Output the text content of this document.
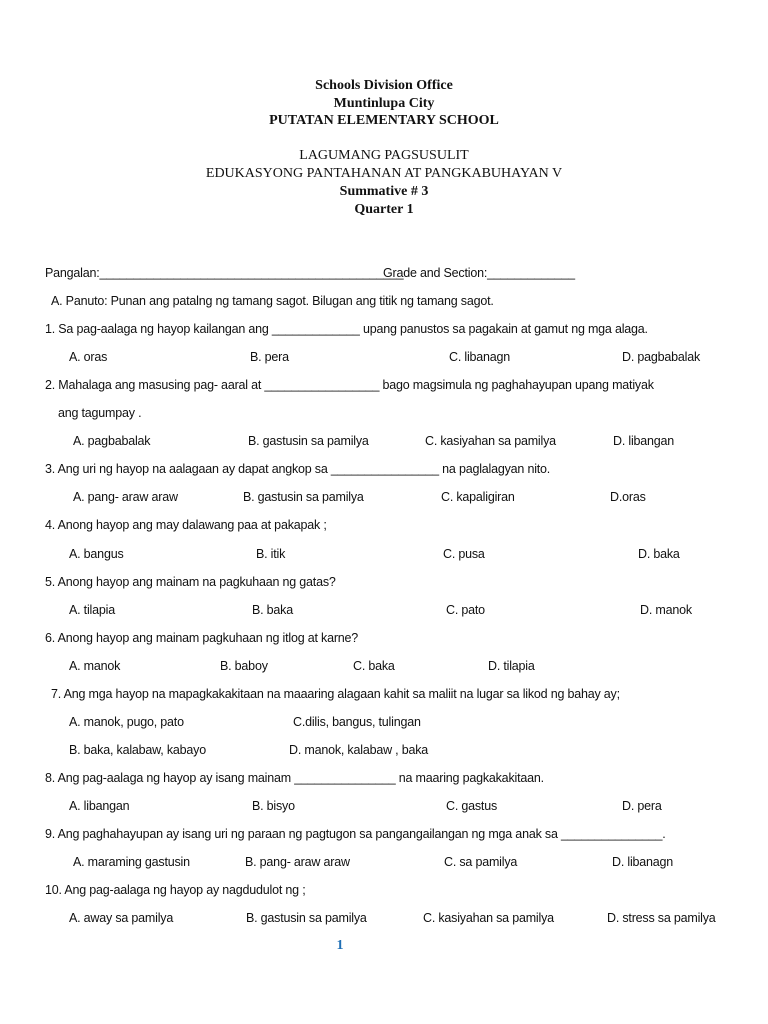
Schools Division Office
Muntinlupa City
PUTATAN ELEMENTARY SCHOOL
LAGUMANG PAGSUSULIT
EDUKASYONG PANTAHANAN AT PANGKABUHAYAN V
Summative # 3
Quarter 1
Pangalan:_____________________________________________
Grade and Section:_____________
A. Panuto: Punan ang patalng ng tamang sagot. Bilugan ang titik ng tamang sagot.
1. Sa pag-aalaga ng hayop kailangan ang _____________ upang panustos sa pagakain at gamut ng mga alaga.
A. oras	B. pera	C. libanagn	D. pagbabalak
2. Mahalaga ang masusing pag- aaral at _________________ bago magsimula ng paghahayupan upang matiyak
ang tagumpay .
A. pagbabalak	B. gastusin sa pamilya	C. kasiyahan sa pamilya	D. libangan
3. Ang uri ng hayop na aalagaan ay dapat angkop sa ________________ na paglalagyan nito.
A. pang- araw araw	B. gastusin sa pamilya	C. kapaligiran	D.oras
4. Anong hayop ang may dalawang paa at pakapak ;
A. bangus	B. itik	C. pusa	D. baka
5. Anong hayop ang mainam na pagkuhaan ng gatas?
A. tilapia	B. baka	C. pato	D. manok
6. Anong hayop ang mainam pagkuhaan ng itlog at karne?
A. manok	B. baboy	C. baka	D. tilapia
7. Ang mga hayop na mapagkakakitaan na maaaring alagaan kahit sa maliit na lugar sa likod ng bahay ay;
A. manok, pugo, pato	C.dilis, bangus, tulingan
B. baka, kalabaw, kabayo	D. manok, kalabaw , baka
8. Ang pag-aalaga ng hayop ay isang mainam _______________ na maaring pagkakakitaan.
A. libangan	B. bisyo	C. gastus	D. pera
9. Ang paghahayupan ay isang uri ng paraan ng pagtugon sa pangangailangan ng mga anak sa _______________.
A. maraming gastusin	B. pang- araw araw	C. sa pamilya	D. libanagn
10. Ang pag-aalaga ng hayop ay nagdudulot ng ;
A. away sa pamilya	B. gastusin sa pamilya	C. kasiyahan sa pamilya	D. stress sa pamilya
1
